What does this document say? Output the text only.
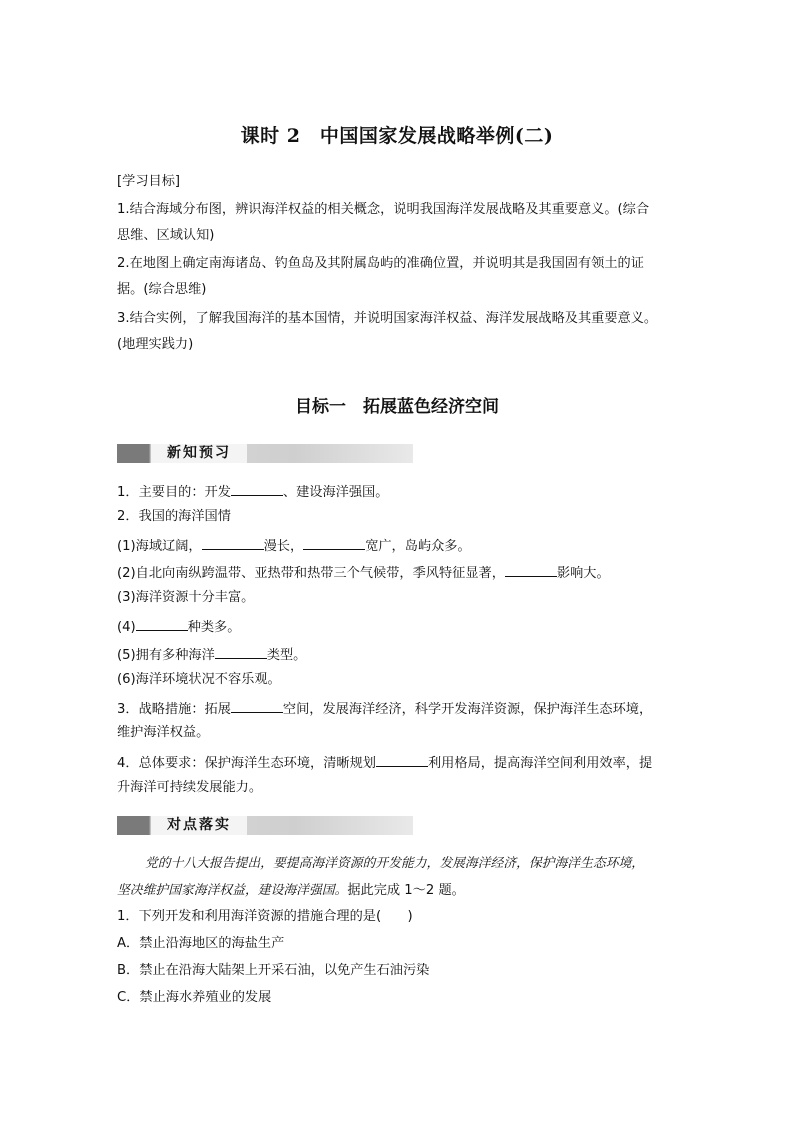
课时 2　中国国家发展战略举例(二)
[学习目标]
1.结合海域分布图，辨识海洋权益的相关概念，说明我国海洋发展战略及其重要意义。(综合
思维、区域认知)
2.在地图上确定南海诸岛、钓鱼岛及其附属岛屿的准确位置，并说明其是我国固有领土的证
据。(综合思维)
3.结合实例，了解我国海洋的基本国情，并说明国家海洋权益、海洋发展战略及其重要意义。
(地理实践力)
目标一　拓展蓝色经济空间
新知预习
1．主要目的：开发	、建设海洋强国。
2．我国的海洋国情
(1)海域辽阔，	漫长，	宽广，岛屿众多。
(2)自北向南纵跨温带、亚热带和热带三个气候带，季风特征显著，	影响大。
(3)海洋资源十分丰富。
(4)	种类多。
(5)拥有多种海洋	类型。
(6)海洋环境状况不容乐观。
3．战略措施：拓展	空间，发展海洋经济，科学开发海洋资源，保护海洋生态环境，
维护海洋权益。
4．总体要求：保护海洋生态环境，清晰规划	利用格局，提高海洋空间利用效率，提
升海洋可持续发展能力。
对点落实
党的十八大报告提出，要提高海洋资源的开发能力，发展海洋经济，保护海洋生态环境，
坚决维护国家海洋权益，建设海洋强国。据此完成 1～2 题。
1．下列开发和利用海洋资源的措施合理的是(　　)
A．禁止沿海地区的海盐生产
B．禁止在沿海大陆架上开采石油，以免产生石油污染
C．禁止海水养殖业的发展
